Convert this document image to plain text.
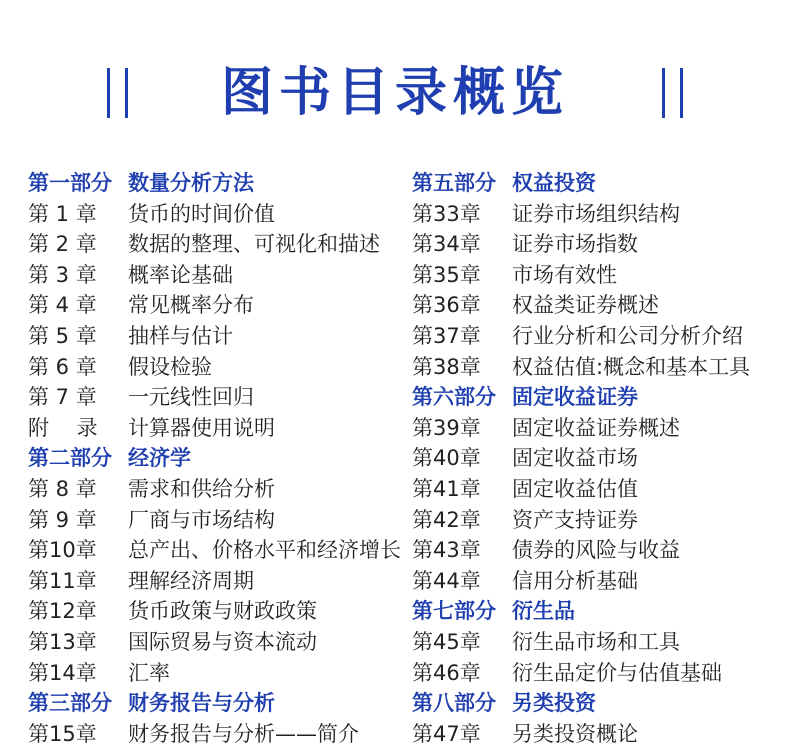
图书目录概览
第一部分 数量分析方法
第 1 章 货币的时间价值
第 2 章 数据的整理、可视化和描述
第 3 章 概率论基础
第 4 章 常见概率分布
第 5 章 抽样与估计
第 6 章 假设检验
第 7 章 一元线性回归
附　 录 计算器使用说明
第二部分 经济学
第 8 章 需求和供给分析
第 9 章 厂商与市场结构
第10章 总产出、价格水平和经济增长
第11章 理解经济周期
第12章 货币政策与财政政策
第13章 国际贸易与资本流动
第14章 汇率
第三部分 财务报告与分析
第15章 财务报告与分析——简介
第五部分 权益投资
第33章 证券市场组织结构
第34章 证券市场指数
第35章 市场有效性
第36章 权益类证券概述
第37章 行业分析和公司分析介绍
第38章 权益估值:概念和基本工具
第六部分 固定收益证券
第39章 固定收益证券概述
第40章 固定收益市场
第41章 固定收益估值
第42章 资产支持证券
第43章 债券的风险与收益
第44章 信用分析基础
第七部分 衍生品
第45章 衍生品市场和工具
第46章 衍生品定价与估值基础
第八部分 另类投资
第47章 另类投资概论
